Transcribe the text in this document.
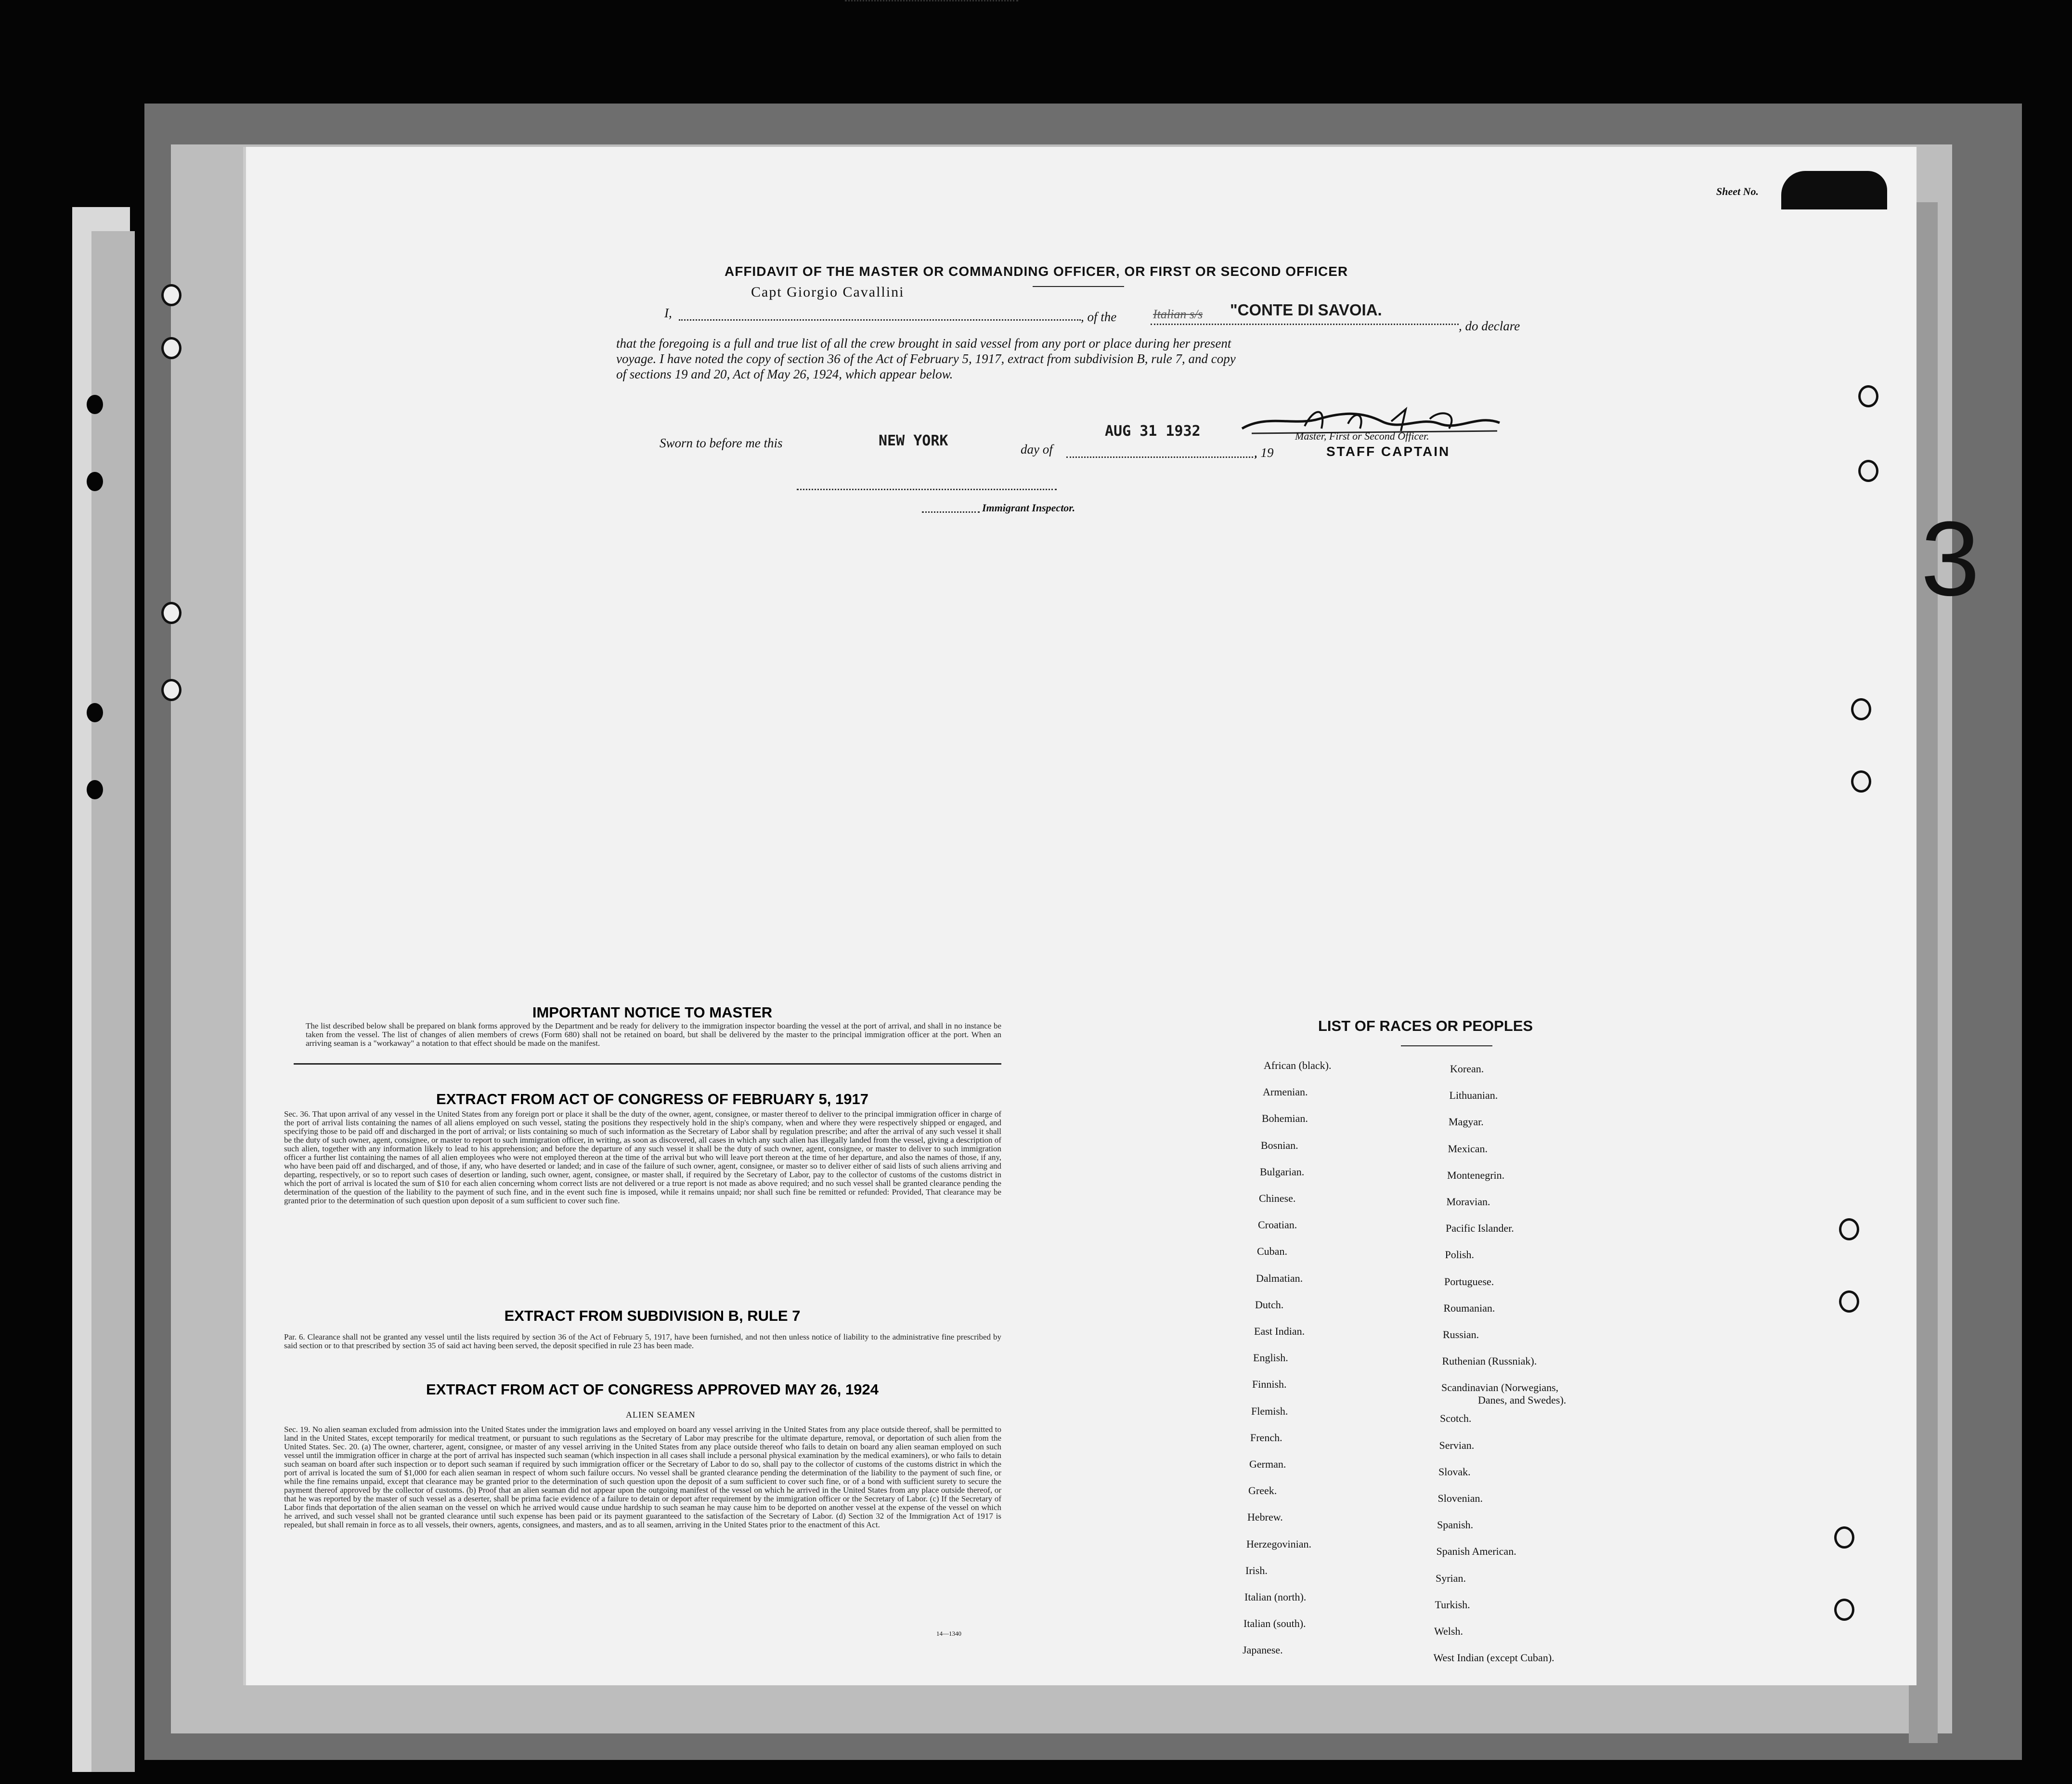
Sheet No.
3
AFFIDAVIT OF THE MASTER OR COMMANDING OFFICER, OR FIRST OR SECOND OFFICER
Capt Giorgio Cavallini
I,	, of the	Italian s/s "CONTE DI SAVOIA.
, do declare
that the foregoing is a full and true list of all the crew brought in said vessel from any port or place during her present
voyage. I have noted the copy of section 36 of the Act of February 5, 1917, extract from subdivision B, rule 7, and copy
of sections 19 and 20, Act of May 26, 1924, which appear below.
Sworn to before me this	NEW YORK	day of
AUG 31 1932
, 19
Master, First or Second Officer.
STAFF CAPTAIN
Immigrant Inspector.
IMPORTANT NOTICE TO MASTER
The list described below shall be prepared on blank forms approved by the Department and be ready for delivery to the immigration inspector boarding the vessel at the port of arrival, and shall in no instance be taken from the vessel. The list of changes of alien members of crews (Form 680) shall not be retained on board, but shall be delivered by the master to the principal immigration officer at the port. When an arriving seaman is a "workaway" a notation to that effect should be made on the manifest.
EXTRACT FROM ACT OF CONGRESS OF FEBRUARY 5, 1917
Sec. 36. That upon arrival of any vessel in the United States from any foreign port or place it shall be the duty of the owner, agent, consignee, or master thereof to deliver to the principal immigration officer in charge of the port of arrival lists containing the names of all aliens employed on such vessel, stating the positions they respectively hold in the ship's company, when and where they were respectively shipped or engaged, and specifying those to be paid off and discharged in the port of arrival; or lists containing so much of such information as the Secretary of Labor shall by regulation prescribe; and after the arrival of any such vessel it shall be the duty of such owner, agent, consignee, or master to report to such immigration officer, in writing, as soon as discovered, all cases in which any such alien has illegally landed from the vessel, giving a description of such alien, together with any information likely to lead to his apprehension; and before the departure of any such vessel it shall be the duty of such owner, agent, consignee, or master to deliver to such immigration officer a further list containing the names of all alien employees who were not employed thereon at the time of the arrival but who will leave port thereon at the time of her departure, and also the names of those, if any, who have been paid off and discharged, and of those, if any, who have deserted or landed; and in case of the failure of such owner, agent, consignee, or master so to deliver either of said lists of such aliens arriving and departing, respectively, or so to report such cases of desertion or landing, such owner, agent, consignee, or master shall, if required by the Secretary of Labor, pay to the collector of customs of the customs district in which the port of arrival is located the sum of $10 for each alien concerning whom correct lists are not delivered or a true report is not made as above required; and no such vessel shall be granted clearance pending the determination of the question of the liability to the payment of such fine, and in the event such fine is imposed, while it remains unpaid; nor shall such fine be remitted or refunded: Provided, That clearance may be granted prior to the determination of such question upon deposit of a sum sufficient to cover such fine.
EXTRACT FROM SUBDIVISION B, RULE 7
Par. 6. Clearance shall not be granted any vessel until the lists required by section 36 of the Act of February 5, 1917, have been furnished, and not then unless notice of liability to the administrative fine prescribed by said section or to that prescribed by section 35 of said act having been served, the deposit specified in rule 23 has been made.
EXTRACT FROM ACT OF CONGRESS APPROVED MAY 26, 1924
ALIEN SEAMEN
Sec. 19. No alien seaman excluded from admission into the United States under the immigration laws and employed on board any vessel arriving in the United States from any place outside thereof, shall be permitted to land in the United States, except temporarily for medical treatment, or pursuant to such regulations as the Secretary of Labor may prescribe for the ultimate departure, removal, or deportation of such alien from the United States. Sec. 20. (a) The owner, charterer, agent, consignee, or master of any vessel arriving in the United States from any place outside thereof who fails to detain on board any alien seaman employed on such vessel until the immigration officer in charge at the port of arrival has inspected such seaman (which inspection in all cases shall include a personal physical examination by the medical examiners), or who fails to detain such seaman on board after such inspection or to deport such seaman if required by such immigration officer or the Secretary of Labor to do so, shall pay to the collector of customs of the customs district in which the port of arrival is located the sum of $1,000 for each alien seaman in respect of whom such failure occurs. No vessel shall be granted clearance pending the determination of the liability to the payment of such fine, or while the fine remains unpaid, except that clearance may be granted prior to the determination of such question upon the deposit of a sum sufficient to cover such fine, or of a bond with sufficient surety to secure the payment thereof approved by the collector of customs. (b) Proof that an alien seaman did not appear upon the outgoing manifest of the vessel on which he arrived in the United States from any place outside thereof, or that he was reported by the master of such vessel as a deserter, shall be prima facie evidence of a failure to detain or deport after requirement by the immigration officer or the Secretary of Labor. (c) If the Secretary of Labor finds that deportation of the alien seaman on the vessel on which he arrived would cause undue hardship to such seaman he may cause him to be deported on another vessel at the expense of the vessel on which he arrived, and such vessel shall not be granted clearance until such expense has been paid or its payment guaranteed to the satisfaction of the Secretary of Labor. (d) Section 32 of the Immigration Act of 1917 is repealed, but shall remain in force as to all vessels, their owners, agents, consignees, and masters, and as to all seamen, arriving in the United States prior to the enactment of this Act.
14—1340
LIST OF RACES OR PEOPLES
African (black).
Armenian.
Bohemian.
Bosnian.
Bulgarian.
Chinese.
Croatian.
Cuban.
Dalmatian.
Dutch.
East Indian.
English.
Finnish.
Flemish.
French.
German.
Greek.
Hebrew.
Herzegovinian.
Irish.
Italian (north).
Italian (south).
Japanese.
Korean.
Lithuanian.
Magyar.
Mexican.
Montenegrin.
Moravian.
Pacific Islander.
Polish.
Portuguese.
Roumanian.
Russian.
Ruthenian (Russniak).
Scandinavian (Norwegians,
Danes, and Swedes).
Scotch.
Servian.
Slovak.
Slovenian.
Spanish.
Spanish American.
Syrian.
Turkish.
Welsh.
West Indian (except Cuban).
